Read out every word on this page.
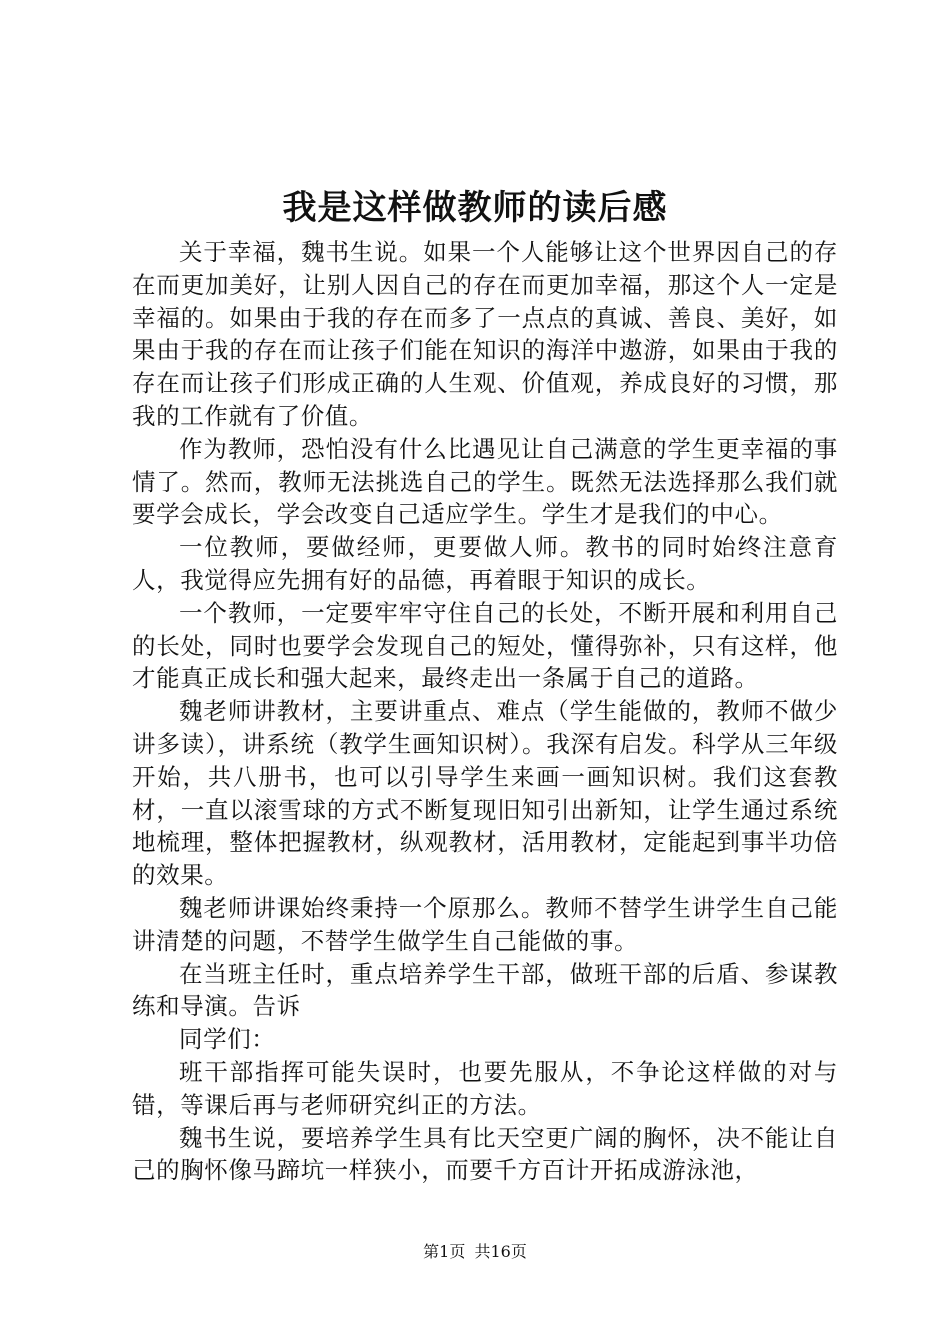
我是这样做教师的读后感

关于幸福，魏书生说。如果一个人能够让这个世界因自己的存在而更加美好，让别人因自己的存在而更加幸福，那这个人一定是幸福的。如果由于我的存在而多了一点点的真诚、善良、美好，如果由于我的存在而让孩子们能在知识的海洋中遨游，如果由于我的存在而让孩子们形成正确的人生观、价值观，养成良好的习惯，那我的工作就有了价值。

作为教师，恐怕没有什么比遇见让自己满意的学生更幸福的事情了。然而，教师无法挑选自己的学生。既然无法选择那么我们就要学会成长，学会改变自己适应学生。学生才是我们的中心。

一位教师，要做经师，更要做人师。教书的同时始终注意育人，我觉得应先拥有好的品德，再着眼于知识的成长。

一个教师，一定要牢牢守住自己的长处，不断开展和利用自己的长处，同时也要学会发现自己的短处，懂得弥补，只有这样，他才能真正成长和强大起来，最终走出一条属于自己的道路。

魏老师讲教材，主要讲重点、难点（学生能做的，教师不做少讲多读），讲系统（教学生画知识树）。我深有启发。科学从三年级开始，共八册书，也可以引导学生来画一画知识树。我们这套教材，一直以滚雪球的方式不断复现旧知引出新知，让学生通过系统地梳理，整体把握教材，纵观教材，活用教材，定能起到事半功倍的效果。

魏老师讲课始终秉持一个原那么。教师不替学生讲学生自己能讲清楚的问题，不替学生做学生自己能做的事。

在当班主任时，重点培养学生干部，做班干部的后盾、参谋教练和导演。告诉

同学们：

班干部指挥可能失误时，也要先服从，不争论这样做的对与错，等课后再与老师研究纠正的方法。

魏书生说，要培养学生具有比天空更广阔的胸怀，决不能让自己的胸怀像马蹄坑一样狭小，而要千方百计开拓成游泳池，

第1页 共16页
